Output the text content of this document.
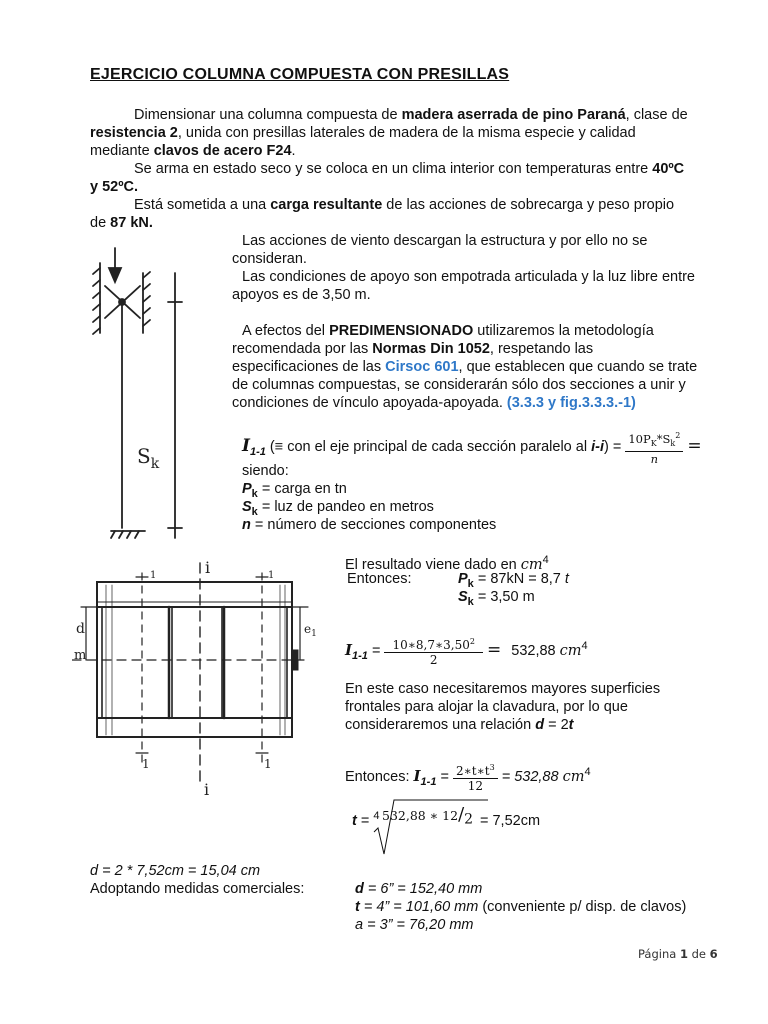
EJERCICIO COLUMNA COMPUESTA CON PRESILLAS
Dimensionar una columna compuesta de madera aserrada de pino Paraná, clase de
resistencia 2, unida con presillas laterales de madera de la misma especie y calidad
mediante clavos de acero F24.
Se arma en estado seco y se coloca en un clima interior con temperaturas entre 40ºC
y 52ºC.
Está sometida a una carga resultante de las acciones de sobrecarga y peso propio
de 87 kN.
$S_k$
Las acciones de viento descargan la estructura y por ello no se
consideran.
Las condiciones de apoyo son empotrada articulada y la luz libre entre
apoyos es de 3,50 m.
A efectos del PREDIMENSIONADO utilizaremos la metodología
recomendada por las Normas Din 1052, respetando las
especificaciones de las Cirsoc 601, que establecen que cuando se trate
de columnas compuestas, se considerarán sólo dos secciones a unir y
condiciones de vínculo apoyada-apoyada. (3.3.3 y fig.3.3.3.-1)
$I_{1-1}$ (≡ con el eje principal de cada sección paralelo al $i-i) = \frac{10P_K*S_k^2}{n}$ =
siendo:
$P_k$ = carga en tn
$S_k$ = luz de pandeo en metros
n = número de secciones componentes
i
1	1
d
m
$e_1$
1	1
i
El resultado viene dado en $cm^4$
Entonces:	$P_k = 87kN = 8,7$ t
$S_k = 3,50$ m
$I_{1-1} = \frac{10∗8,7∗3,50^2}{2} = 532,88$ $cm^4$
En este caso necesitaremos mayores superficies
frontales para alojar la clavadura, por lo que
consideraremos una relación d = 2t
Entonces: $I_{1-1} = \frac{2∗t∗t^3}{12} = 532,88$ $cm^4$
t = $^4$ 532,88 ∗ $12/_2 = 7,52cm$
d = 2 * 7,52cm = 15,04 cm
Adoptando medidas comerciales:	d = 6” = 152,40 mm
t = 4” = 101,60 mm (conveniente p/ disp. de clavos)
a = 3” = 76,20 mm
Página 1 de 6
